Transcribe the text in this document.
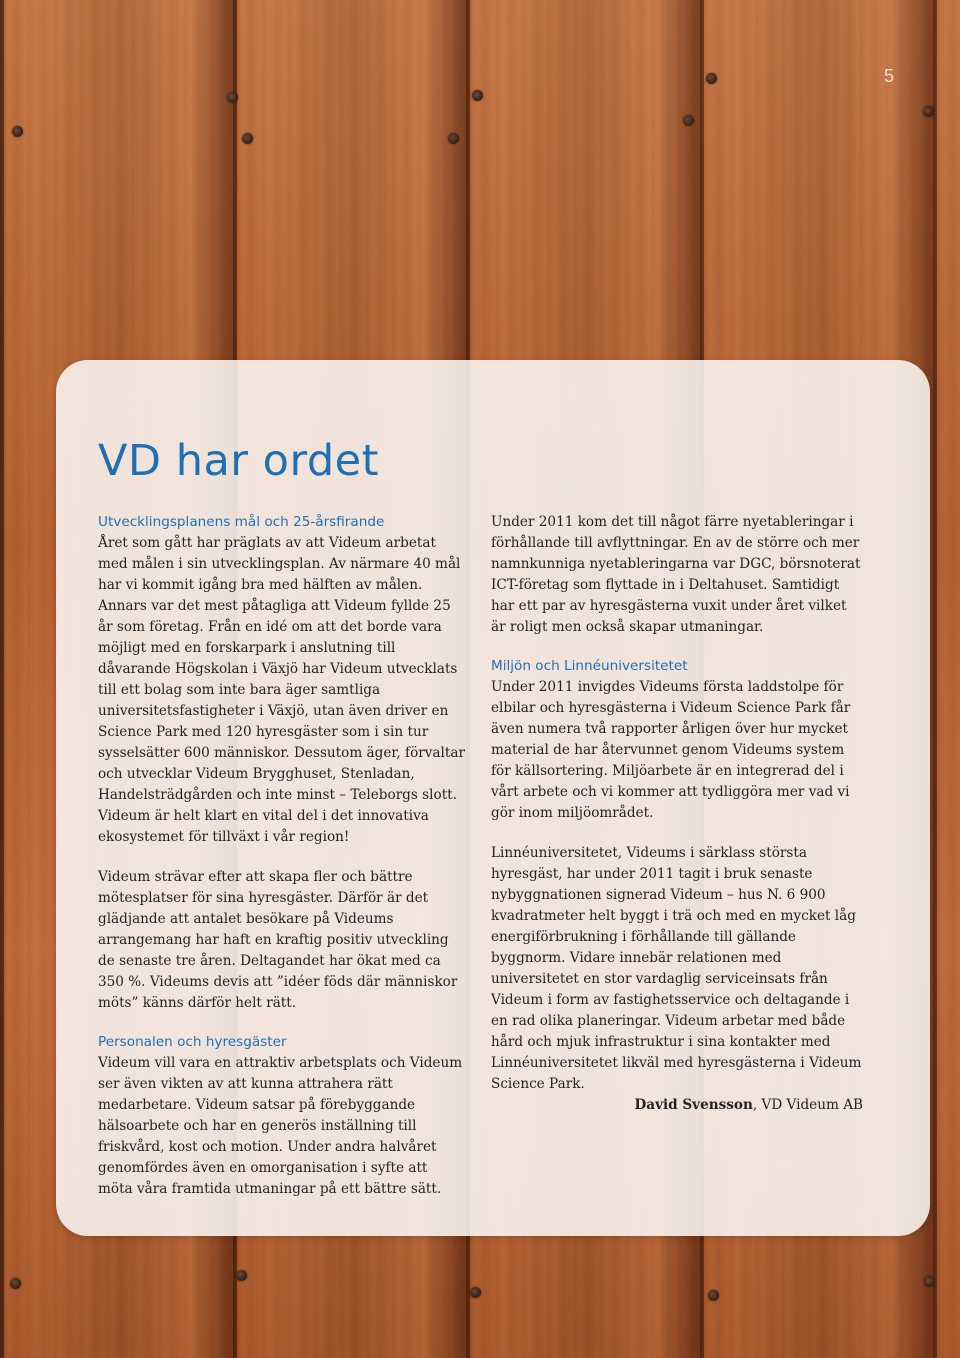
5
VD har ordet
Utvecklingsplanens mål och 25-årsfirande

Året som gått har präglats av att Videum arbetat med målen i sin utvecklingsplan. Av närmare 40 mål har vi kommit igång bra med hälften av målen. Annars var det mest påtagliga att Videum fyllde 25 år som företag. Från en idé om att det borde vara möjligt med en forskarpark i anslutning till dåvarande Högskolan i Växjö har Videum utvecklats till ett bolag som inte bara äger samtliga universitetsfastigheter i Växjö, utan även driver en Science Park med 120 hyresgäster som i sin tur sysselsätter 600 människor. Dessutom äger, förvaltar och utvecklar Videum Brygghuset, Stenladan, Handelsträdgården och inte minst – Teleborgs slott. Videum är helt klart en vital del i det innovativa ekosystemet för tillväxt i vår region!

Videum strävar efter att skapa fler och bättre mötesplatser för sina hyresgäster. Därför är det glädjande att antalet besökare på Videums arrangemang har haft en kraftig positiv utveckling de senaste tre åren. Deltagandet har ökat med ca 350 %. Videums devis att ”idéer föds där människor möts” känns därför helt rätt.

Personalen och hyresgäster

Videum vill vara en attraktiv arbetsplats och Videum ser även vikten av att kunna attrahera rätt medarbetare. Videum satsar på förebyggande hälsoarbete och har en generös inställning till friskvård, kost och motion. Under andra halvåret genomfördes även en omorganisation i syfte att möta våra framtida utmaningar på ett bättre sätt.

Under 2011 kom det till något färre nyetableringar i förhållande till avflyttningar. En av de större och mer namnkunniga nyetableringarna var DGC, börsnoterat ICT-företag som flyttade in i Deltahuset. Samtidigt har ett par av hyresgästerna vuxit under året vilket är roligt men också skapar utmaningar.

Miljön och Linnéuniversitetet

Under 2011 invigdes Videums första laddstolpe för elbilar och hyresgästerna i Videum Science Park får även numera två rapporter årligen över hur mycket material de har återvunnet genom Videums system för källsortering. Miljöarbete är en integrerad del i vårt arbete och vi kommer att tydliggöra mer vad vi gör inom miljöområdet.

Linnéuniversitetet, Videums i särklass största hyresgäst, har under 2011 tagit i bruk senaste nybyggnationen signerad Videum – hus N. 6 900 kvadratmeter helt byggt i trä och med en mycket låg energiförbrukning i förhållande till gällande byggnorm. Vidare innebär relationen med universitetet en stor vardaglig serviceinsats från Videum i form av fastighetsservice och deltagande i en rad olika planeringar. Videum arbetar med både hård och mjuk infrastruktur i sina kontakter med Linnéuniversitetet likväl med hyresgästerna i Videum Science Park.

David Svensson, VD Videum AB
